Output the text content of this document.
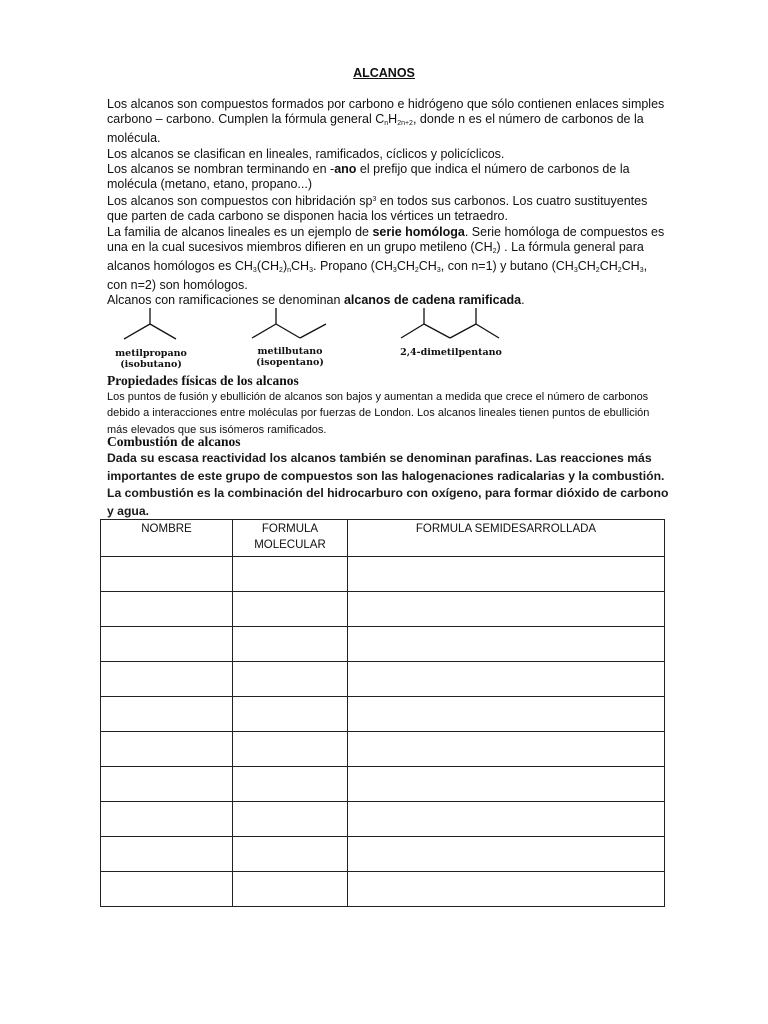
ALCANOS

Los alcanos son compuestos formados por carbono e hidrógeno que sólo contienen enlaces simples carbono – carbono. Cumplen la fórmula general $C_nH_{2n+2}$, donde n es el número de carbonos de la molécula.

Los alcanos se clasifican en lineales, ramificados, cíclicos y policíclicos.

Los alcanos se nombran terminando en -ano el prefijo que indica el número de carbonos de la molécula (metano, etano, propano...)

Los alcanos son compuestos con hibridación $sp^3$ en todos sus carbonos. Los cuatro sustituyentes que parten de cada carbono se disponen hacia los vértices un tetraedro.

La familia de alcanos lineales es un ejemplo de serie homóloga. Serie homóloga de compuestos es una en la cual sucesivos miembros difieren en un grupo metileno $(CH_2)$ . La fórmula general para alcanos homólogos es $CH_3(CH_2)_nCH_3$. Propano ($CH_3CH_2CH_3$, con n=1) y butano ($CH_3CH_2CH_2CH_3$, con n=2) son homólogos.

Alcanos con ramificaciones se denominan alcanos de cadena ramificada.

metilpropano
(isobutano)
metilbutano
(isopentano)
2,4-dimetilpentano
Propiedades físicas de los alcanos
Los puntos de fusión y ebullición de alcanos son bajos y aumentan a medida que crece el número de carbonos debido a interacciones entre moléculas por fuerzas de London. Los alcanos lineales tienen puntos de ebullición más elevados que sus isómeros ramificados.
Combustión de alcanos
Dada su escasa reactividad los alcanos también se denominan parafinas. Las reacciones más importantes de este grupo de compuestos son las halogenaciones radicalarias y la combustión. La combustión es la combinación del hidrocarburo con oxígeno, para formar dióxido de carbono y agua.
NOMBRE	FORMULA MOLECULAR	FORMULA SEMIDESARROLLADA
